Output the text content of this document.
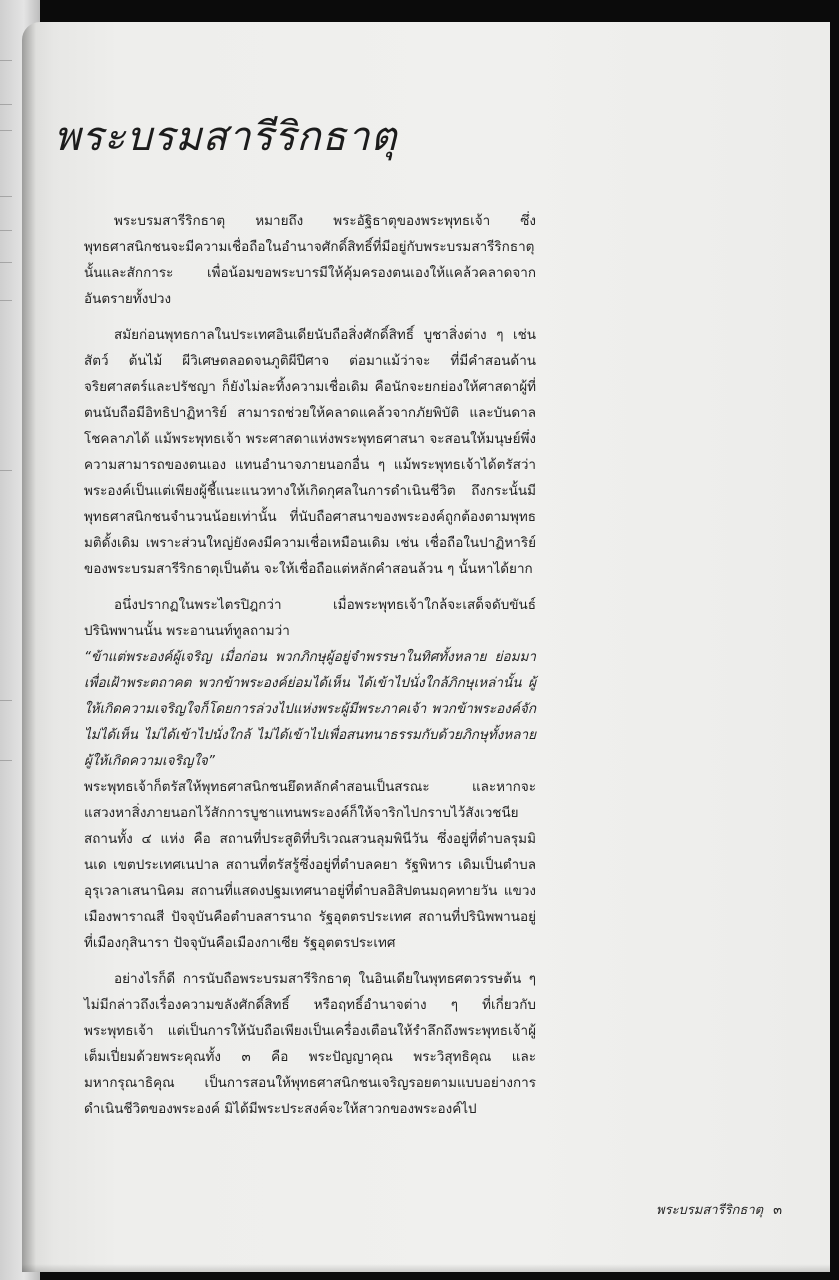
พระบรมสารีริกธาตุ

พระบรมสารีริกธาตุ หมายถึง พระอัฐิธาตุของพระพุทธเจ้า ซึ่งพุทธศาสนิกชนจะมีความเชื่อถือในอำนาจศักดิ์สิทธิ์ที่มีอยู่กับพระบรมสารีริกธาตุนั้นและสักการะ เพื่อน้อมขอพระบารมีให้คุ้มครองตนเองให้แคล้วคลาดจากอันตรายทั้งปวง

สมัยก่อนพุทธกาลในประเทศอินเดียนับถือสิ่งศักดิ์สิทธิ์ บูชาสิ่งต่าง ๆ เช่น สัตว์ ต้นไม้ ผีวิเศษตลอดจนภูติผีปีศาจ ต่อมาแม้ว่าจะ ที่มีคำสอนด้านจริยศาสตร์และปรัชญา ก็ยังไม่ละทิ้งความเชื่อเดิม คือนักจะยกย่องให้ศาสดาผู้ที่ตนนับถือมีอิทธิปาฏิหาริย์ สามารถช่วยให้คลาดแคล้วจากภัยพิบัติ และบันดาลโชคลาภได้ แม้พระพุทธเจ้า พระศาสดาแห่งพระพุทธศาสนา จะสอนให้มนุษย์พึ่งความสามารถของตนเอง แทนอำนาจภายนอกอื่น ๆ แม้พระพุทธเจ้าได้ตรัสว่า พระองค์เป็นแต่เพียงผู้ชี้แนะแนวทางให้เกิดกุศลในการดำเนินชีวิต ถึงกระนั้นมีพุทธศาสนิกชนจำนวนน้อยเท่านั้น ที่นับถือศาสนาของพระองค์ถูกต้องตามพุทธมติดั้งเดิม เพราะส่วนใหญ่ยังคงมีความเชื่อเหมือนเดิม เช่น เชื่อถือในปาฏิหาริย์ของพระบรมสารีริกธาตุเป็นต้น จะให้เชื่อถือแต่หลักคำสอนล้วน ๆ นั้นหาได้ยาก

อนึ่งปรากฏในพระไตรปิฎกว่า เมื่อพระพุทธเจ้าใกล้จะเสด็จดับขันธ์ปรินิพพานนั้น พระอานนท์ทูลถามว่า

“ข้าแต่พระองค์ผู้เจริญ เมื่อก่อน พวกภิกษุผู้อยู่จำพรรษาในทิศทั้งหลาย ย่อมมาเพื่อเฝ้าพระตถาคต พวกข้าพระองค์ย่อมได้เห็น ได้เข้าไปนั่งใกล้ภิกษุเหล่านั้น ผู้ให้เกิดความเจริญใจก็โดยการล่วงไปแห่งพระผู้มีพระภาคเจ้า พวกข้าพระองค์จักไม่ได้เห็น ไม่ได้เข้าไปนั่งใกล้ ไม่ได้เข้าไปเพื่อสนทนาธรรมกับด้วยภิกษุทั้งหลาย ผู้ให้เกิดความเจริญใจ”

พระพุทธเจ้าก็ตรัสให้พุทธศาสนิกชนยึดหลักคำสอนเป็นสรณะ และหากจะแสวงหาสิ่งภายนอกไว้สักการบูชาแทนพระองค์ก็ให้จาริกไปกราบไว้สังเวชนียสถานทั้ง ๔ แห่ง คือ สถานที่ประสูติที่บริเวณสวนลุมพินีวัน ซึ่งอยู่ที่ตำบลรุมมินเด เขตประเทศเนปาล สถานที่ตรัสรู้ซึ่งอยู่ที่ตำบลคยา รัฐพิหาร เดิมเป็นตำบลอุรุเวลาเสนานิคม สถานที่แสดงปฐมเทศนาอยู่ที่ตำบลอิสิปตนมฤคทายวัน แขวงเมืองพาราณสี ปัจจุบันคือตำบลสารนาถ รัฐอุตตรประเทศ สถานที่ปรินิพพานอยู่ที่เมืองกุสินารา ปัจจุบันคือเมืองกาเซีย รัฐอุตตรประเทศ

อย่างไรก็ดี การนับถือพระบรมสารีริกธาตุ ในอินเดียในพุทธศตวรรษต้น ๆ ไม่มีกล่าวถึงเรื่องความขลังศักดิ์สิทธิ์ หรือฤทธิ์อำนาจต่าง ๆ ที่เกี่ยวกับพระพุทธเจ้า แต่เป็นการให้นับถือเพียงเป็นเครื่องเตือนให้รำลึกถึงพระพุทธเจ้าผู้เต็มเปี่ยมด้วยพระคุณทั้ง ๓ คือ พระปัญญาคุณ พระวิสุทธิคุณ และมหากรุณาธิคุณ เป็นการสอนให้พุทธศาสนิกชนเจริญรอยตามแบบอย่างการดำเนินชีวิตของพระองค์ มิได้มีพระประสงค์จะให้สาวกของพระองค์ไป

พระบรมสารีริกธาตุ ๓
